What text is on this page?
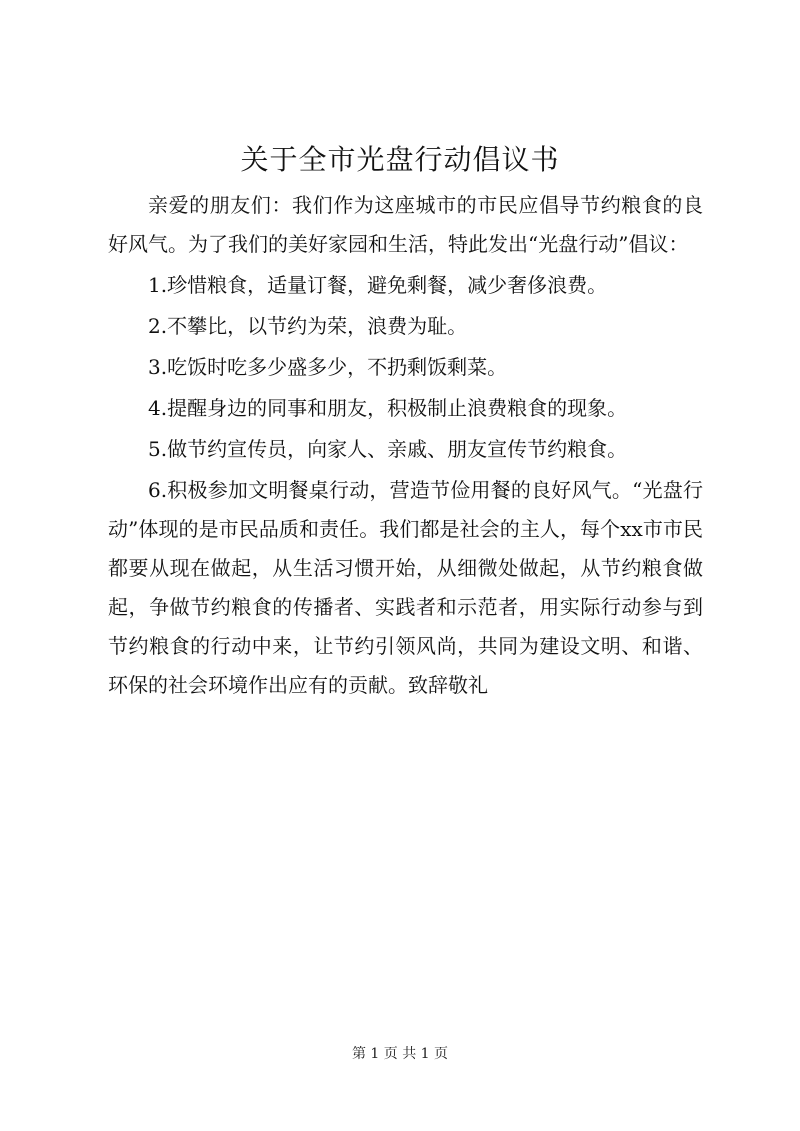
关于全市光盘行动倡议书

亲爱的朋友们：我们作为这座城市的市民应倡导节约粮食的良好风气。为了我们的美好家园和生活，特此发出“光盘行动”倡议：

1.珍惜粮食，适量订餐，避免剩餐，减少奢侈浪费。

2.不攀比，以节约为荣，浪费为耻。

3.吃饭时吃多少盛多少，不扔剩饭剩菜。

4.提醒身边的同事和朋友，积极制止浪费粮食的现象。

5.做节约宣传员，向家人、亲戚、朋友宣传节约粮食。

6.积极参加文明餐桌行动，营造节俭用餐的良好风气。“光盘行动”体现的是市民品质和责任。我们都是社会的主人，每个xx市市民都要从现在做起，从生活习惯开始，从细微处做起，从节约粮食做起，争做节约粮食的传播者、实践者和示范者，用实际行动参与到节约粮食的行动中来，让节约引领风尚，共同为建设文明、和谐、环保的社会环境作出应有的贡献。致辞敬礼

第 1 页 共 1 页
